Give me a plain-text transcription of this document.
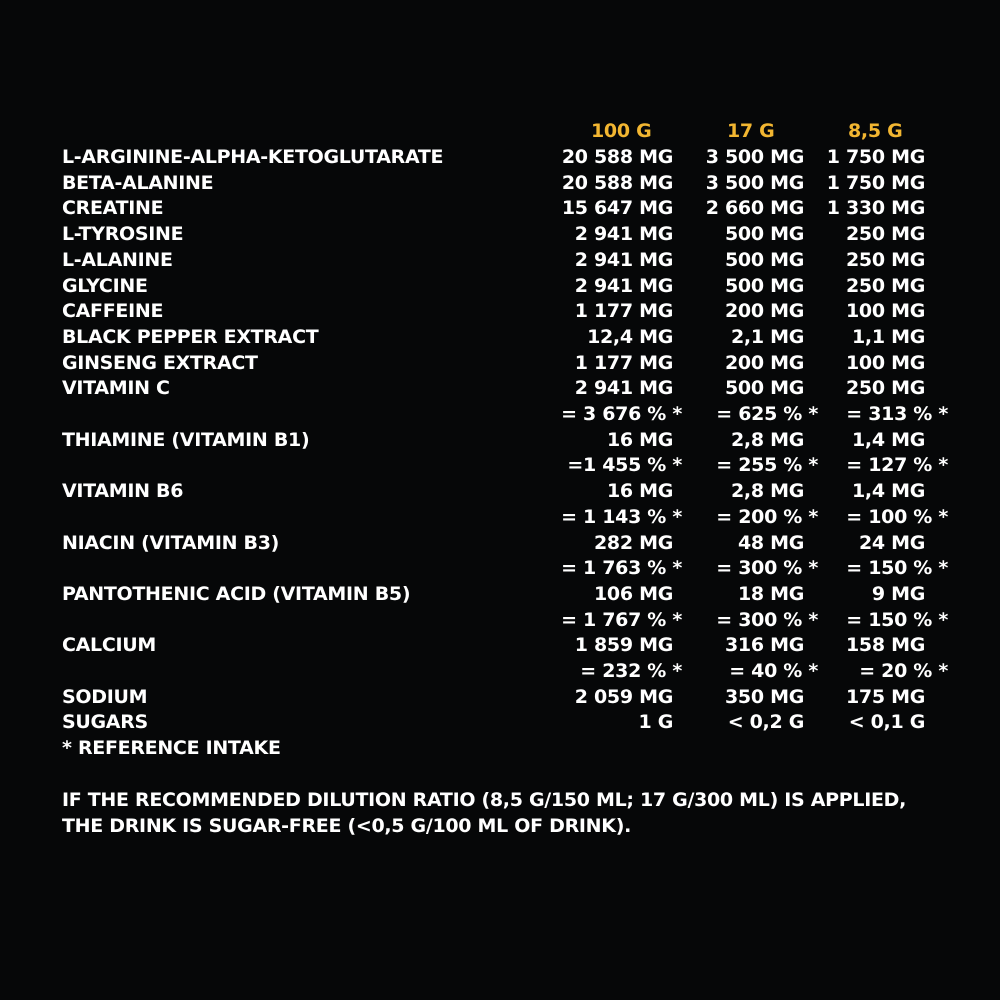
100 G	17 G	8,5 G
L-ARGININE-ALPHA-KETOGLUTARATE	20 588 MG 3 500 MG 1 750 MG
BETA-ALANINE	20 588 MG 3 500 MG 1 750 MG
CREATINE	15 647 MG 2 660 MG 1 330 MG
L-TYROSINE	2 941 MG	500 MG 250 MG
L-ALANINE	2 941 MG	500 MG 250 MG
GLYCINE	2 941 MG	500 MG 250 MG
CAFFEINE	1 177 MG	200 MG 100 MG
BLACK PEPPER EXTRACT	12,4 MG	2,1 MG	1,1 MG
GINSENG EXTRACT	1 177 MG	200 MG 100 MG
VITAMIN C	2 941 MG	500 MG 250 MG
= 3 676 % * = 625 % * = 313 % *
THIAMINE (VITAMIN B1)	16 MG	2,8 MG	1,4 MG
=1 455 % * = 255 % * = 127 % *
VITAMIN B6	16 MG	2,8 MG	1,4 MG
= 1 143 % * = 200 % * = 100 % *
NIACIN (VITAMIN B3)	282 MG	48 MG	24 MG
= 1 763 % * = 300 % * = 150 % *
PANTOTHENIC ACID (VITAMIN B5)	106 MG	18 MG	9 MG
= 1 767 % * = 300 % * = 150 % *
CALCIUM	1 859 MG	316 MG 158 MG
= 232 % * = 40 % * = 20 % *
SODIUM	2 059 MG	350 MG 175 MG
SUGARS	1 G	< 0,2 G < 0,1 G
* REFERENCE INTAKE
IF THE RECOMMENDED DILUTION RATIO (8,5 G/150 ML; 17 G/300 ML) IS APPLIED,
THE DRINK IS SUGAR-FREE (<0,5 G/100 ML OF DRINK).
